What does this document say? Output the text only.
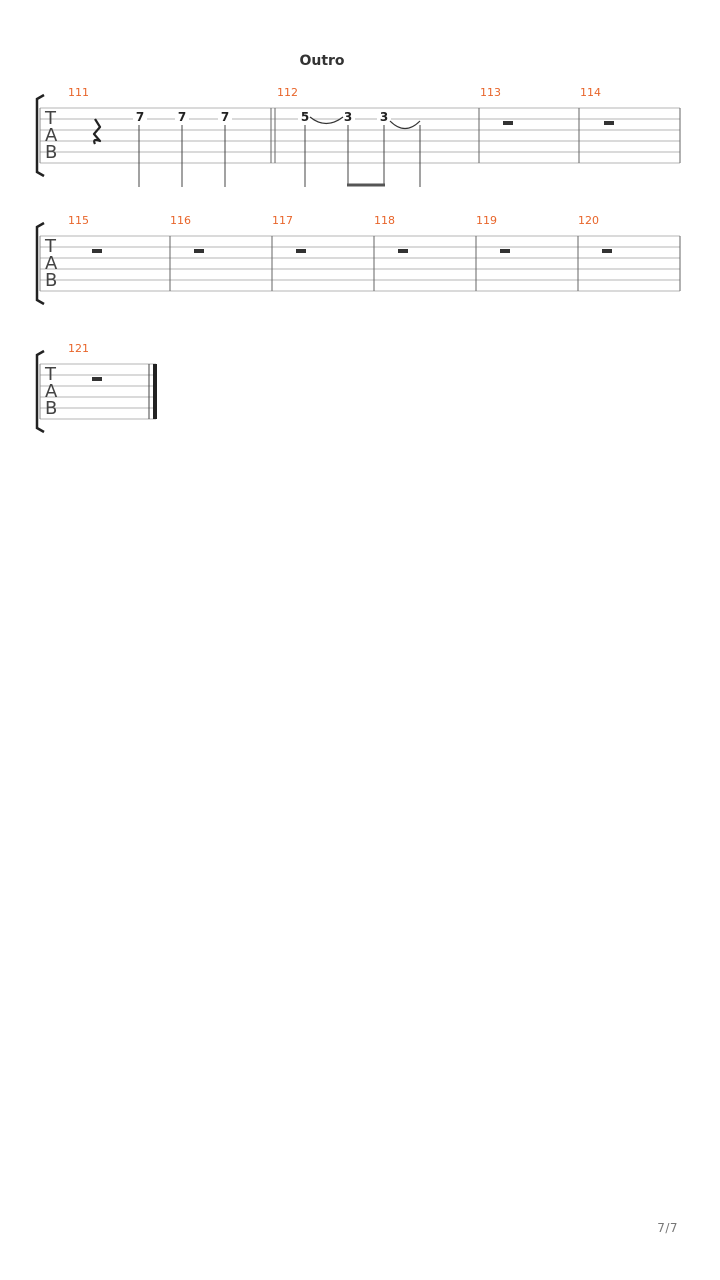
Outro
T
A
B
111	112	113	114
7	7	7	5	3 3
T
A
B
115	116	117	118	119	120
T
A
B
121
7/7
